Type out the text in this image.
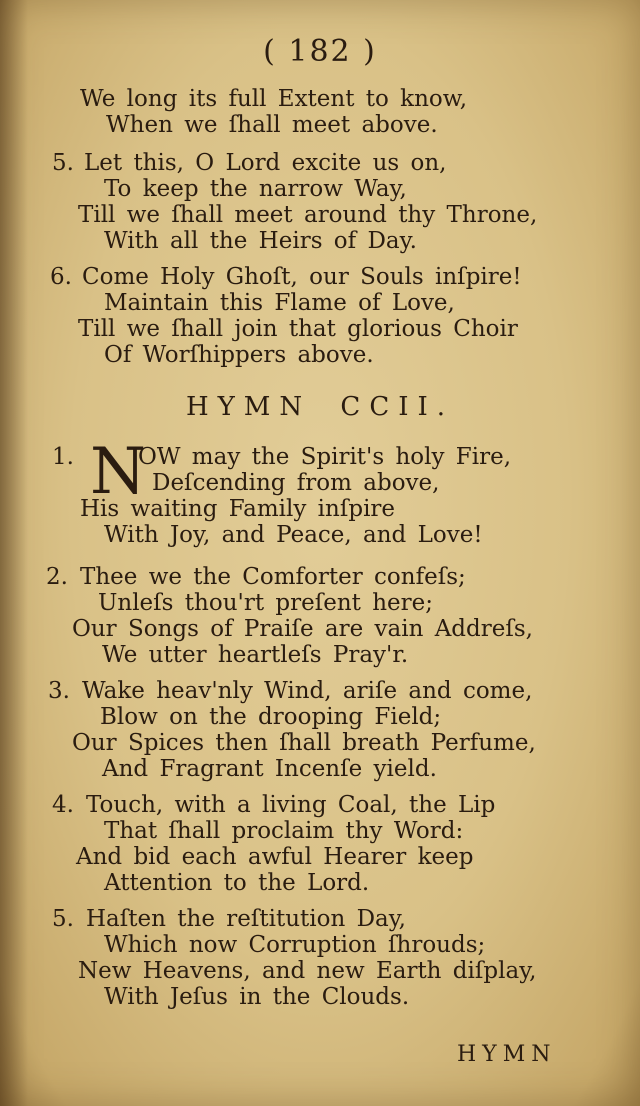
( 182 )
We long its full Extent to know,
When we ſhall meet above.
5. Let this, O Lord excite us on,
To keep the narrow Way,
Till we ſhall meet around thy Throne,
With all the Heirs of Day.
6. Come Holy Ghoſt, our Souls inſpire!
Maintain this Flame of Love,
Till we ſhall join that glorious Choir
Of Worſhippers above.
HYMN CCII.
1. N
OW may the Spirit's holy Fire,
Deſcending from above,
His waiting Family inſpire
With Joy, and Peace, and Love!
2. Thee we the Comforter confeſs;
Unleſs thou'rt preſent here;
Our Songs of Praiſe are vain Addreſs,
We utter heartleſs Pray'r.
3. Wake heav'nly Wind, ariſe and come,
Blow on the drooping Field;
Our Spices then ſhall breath Perfume,
And Fragrant Incenſe yield.
4. Touch, with a living Coal, the Lip
That ſhall proclaim thy Word:
And bid each awful Hearer keep
Attention to the Lord.
5. Haſten the reſtitution Day,
Which now Corruption ſhrouds;
New Heavens, and new Earth diſplay,
With Jeſus in the Clouds.
HYMN
